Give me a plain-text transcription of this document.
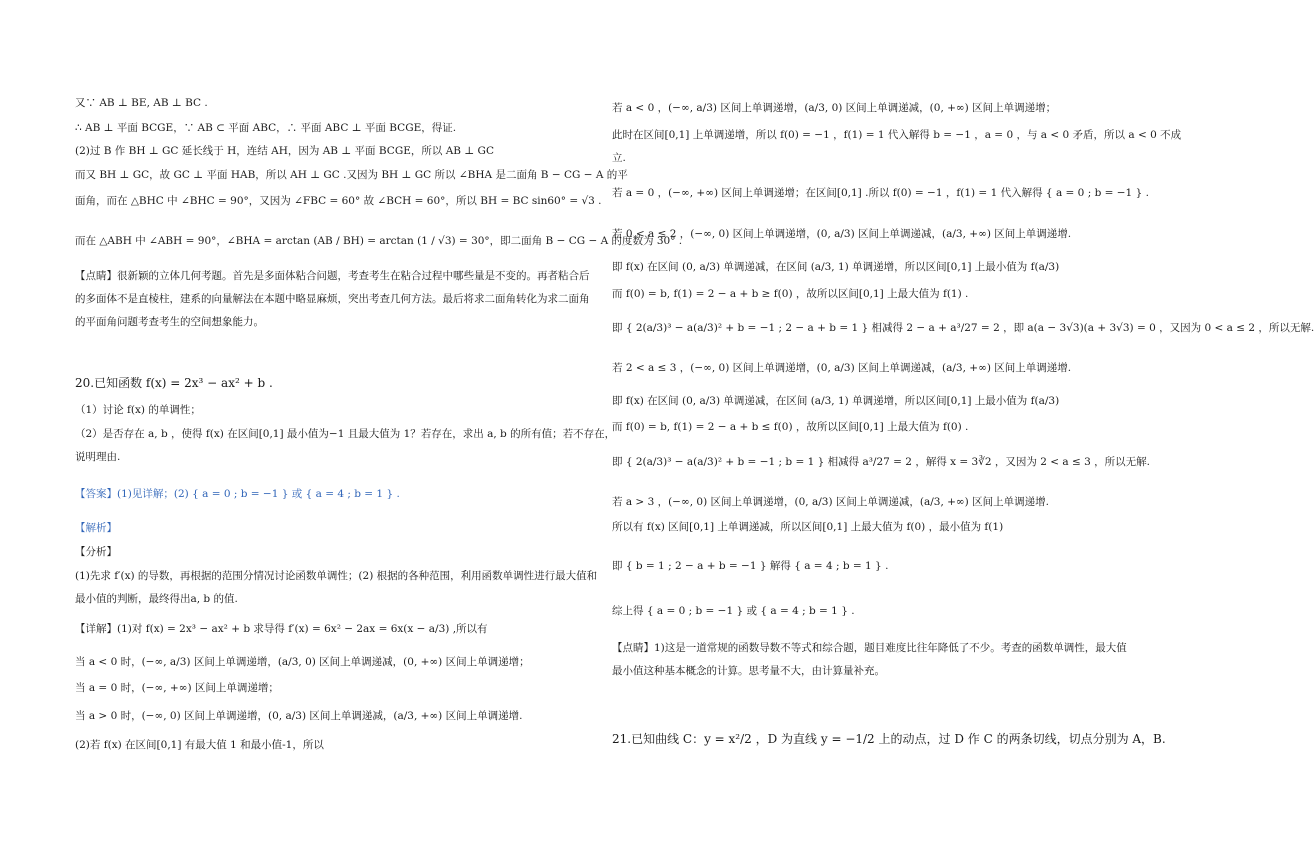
又∵ AB ⊥ BE, AB ⊥ BC .
∴ AB ⊥ 平面 BCGE，∵ AB ⊂ 平面 ABC，∴ 平面 ABC ⊥ 平面 BCGE，得证.
(2)过 B 作 BH ⊥ GC 延长线于 H，连结 AH，因为 AB ⊥ 平面 BCGE，所以 AB ⊥ GC
而又 BH ⊥ GC，故 GC ⊥ 平面 HAB，所以 AH ⊥ GC .又因为 BH ⊥ GC 所以 ∠BHA 是二面角 B − CG − A 的平
面角，而在 △BHC 中 ∠BHC = 90°，又因为 ∠FBC = 60° 故 ∠BCH = 60°，所以 BH = BC sin60° = √3 .
而在 △ABH 中 ∠ABH = 90°，∠BHA = arctan (AB / BH) = arctan (1 / √3) = 30°，即二面角 B − CG − A 的度数为 30° .
【点睛】很新颖的立体几何考题。首先是多面体粘合问题，考查考生在粘合过程中哪些量是不变的。再者粘合后
的多面体不是直棱柱，建系的向量解法在本题中略显麻烦，突出考查几何方法。最后将求二面角转化为求二面角
的平面角问题考查考生的空间想象能力。
20.已知函数 f(x) = 2x³ − ax² + b .
（1）讨论 f(x) 的单调性；
（2）是否存在 a, b ，使得 f(x) 在区间[0,1] 最小值为−1 且最大值为 1？若存在，求出 a, b 的所有值；若不存在，
说明理由.
【答案】(1)见详解；(2) { a = 0 ; b = −1 } 或 { a = 4 ; b = 1 } .
【解析】
【分析】
(1)先求 f′(x) 的导数，再根据的范围分情况讨论函数单调性；(2) 根据的各种范围，利用函数单调性进行最大值和
最小值的判断，最终得出a, b 的值.
【详解】(1)对 f(x) = 2x³ − ax² + b 求导得 f′(x) = 6x² − 2ax = 6x(x − a/3) ,所以有
当 a < 0 时，(−∞, a/3) 区间上单调递增，(a/3, 0) 区间上单调递减，(0, +∞) 区间上单调递增；
当 a = 0 时，(−∞, +∞) 区间上单调递增；
当 a > 0 时，(−∞, 0) 区间上单调递增，(0, a/3) 区间上单调递减，(a/3, +∞) 区间上单调递增.
(2)若 f(x) 在区间[0,1] 有最大值 1 和最小值-1，所以
若 a < 0 ，(−∞, a/3) 区间上单调递增，(a/3, 0) 区间上单调递减，(0, +∞) 区间上单调递增；
此时在区间[0,1] 上单调递增，所以 f(0) = −1 ，f(1) = 1 代入解得 b = −1 ，a = 0 ，与 a < 0 矛盾，所以 a < 0 不成
立.
若 a = 0 ，(−∞, +∞) 区间上单调递增；在区间[0,1] .所以 f(0) = −1 ，f(1) = 1 代入解得 { a = 0 ; b = −1 } .
若 0 < a ≤ 2 ，(−∞, 0) 区间上单调递增，(0, a/3) 区间上单调递减，(a/3, +∞) 区间上单调递增.
即 f(x) 在区间 (0, a/3) 单调递减，在区间 (a/3, 1) 单调递增，所以区间[0,1] 上最小值为 f(a/3)
而 f(0) = b, f(1) = 2 − a + b ≥ f(0) ，故所以区间[0,1] 上最大值为 f(1) .
即 { 2(a/3)³ − a(a/3)² + b = −1 ; 2 − a + b = 1 } 相减得 2 − a + a³/27 = 2 ，即 a(a − 3√3)(a + 3√3) = 0 ，又因为 0 < a ≤ 2 ，所以无解.
若 2 < a ≤ 3 ，(−∞, 0) 区间上单调递增，(0, a/3) 区间上单调递减，(a/3, +∞) 区间上单调递增.
即 f(x) 在区间 (0, a/3) 单调递减，在区间 (a/3, 1) 单调递增，所以区间[0,1] 上最小值为 f(a/3)
而 f(0) = b, f(1) = 2 − a + b ≤ f(0) ，故所以区间[0,1] 上最大值为 f(0) .
即 { 2(a/3)³ − a(a/3)² + b = −1 ; b = 1 } 相减得 a³/27 = 2 ，解得 x = 3∛2 ，又因为 2 < a ≤ 3 ，所以无解.
若 a > 3 ，(−∞, 0) 区间上单调递增，(0, a/3) 区间上单调递减，(a/3, +∞) 区间上单调递增.
所以有 f(x) 区间[0,1] 上单调递减，所以区间[0,1] 上最大值为 f(0) ，最小值为 f(1)
即 { b = 1 ; 2 − a + b = −1 } 解得 { a = 4 ; b = 1 } .
综上得 { a = 0 ; b = −1 } 或 { a = 4 ; b = 1 } .
【点睛】1)这是一道常规的函数导数不等式和综合题，题目难度比往年降低了不少。考查的函数单调性，最大值
最小值这种基本概念的计算。思考量不大，由计算量补充。
21.已知曲线 C：y = x²/2 ，D 为直线 y = −1/2 上的动点，过 D 作 C 的两条切线，切点分别为 A，B.
